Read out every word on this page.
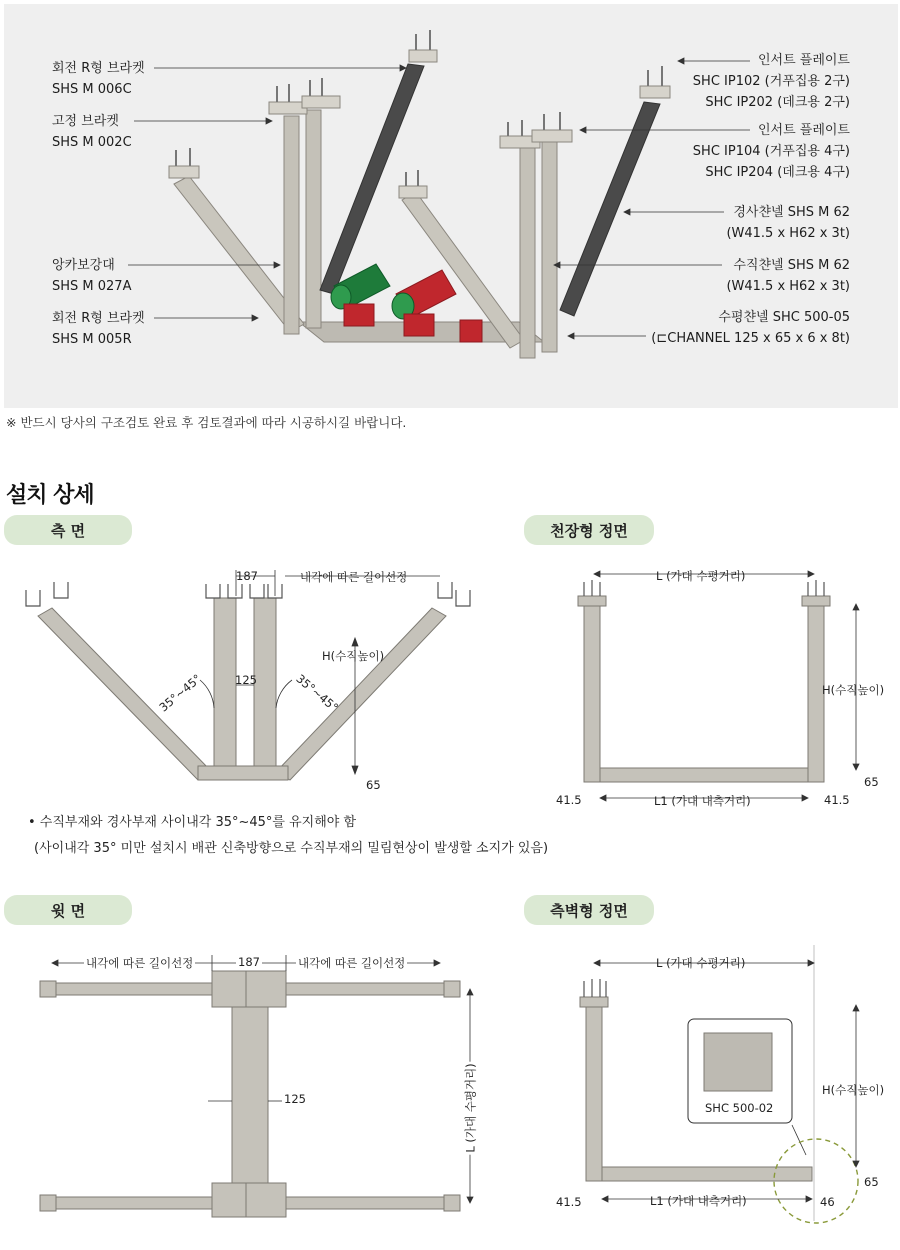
회전 R형 브라켓
SHS M 006C
고정 브라켓
SHS M 002C
앙카보강대
SHS M 027A
회전 R형 브라켓
SHS M 005R
인서트 플레이트
SHC IP102 (거푸집용 2구)
SHC IP202 (데크용 2구)
인서트 플레이트
SHC IP104 (거푸집용 4구)
SHC IP204 (데크용 4구)
경사챤넬 SHS M 62
(W41.5 x H62 x 3t)
수직챤넬 SHS M 62
(W41.5 x H62 x 3t)
수평챤넬 SHC 500-05
(⊏CHANNEL 125 x 65 x 6 x 8t)
※ 반드시 당사의 구조검토 완료 후 검토결과에 따라 시공하시길 바랍니다.
설치 상세
측 면
187	내각에 따른 길이선정
125
35°~45°	35°~45°
H(수직높이)
65
• 수직부재와 경사부재 사이내각 35°~45°를 유지해야 함
(사이내각 35° 미만 설치시 배관 신축방향으로 수직부재의 밀림현상이 발생할 소지가 있음)
천장형 정면
L (가대 수평거리)
H(수직높이)
65
41.5	L1 (가대 내측거리)	41.5
윗 면
내각에 따른 길이선정	187	내각에 따른 길이선정
125	L (가대 수평거리)
측벽형 정면
L (가대 수평거리)
SHC 500-02
H(수직높이)
65
41.5	L1 (가대 내측거리)	46
